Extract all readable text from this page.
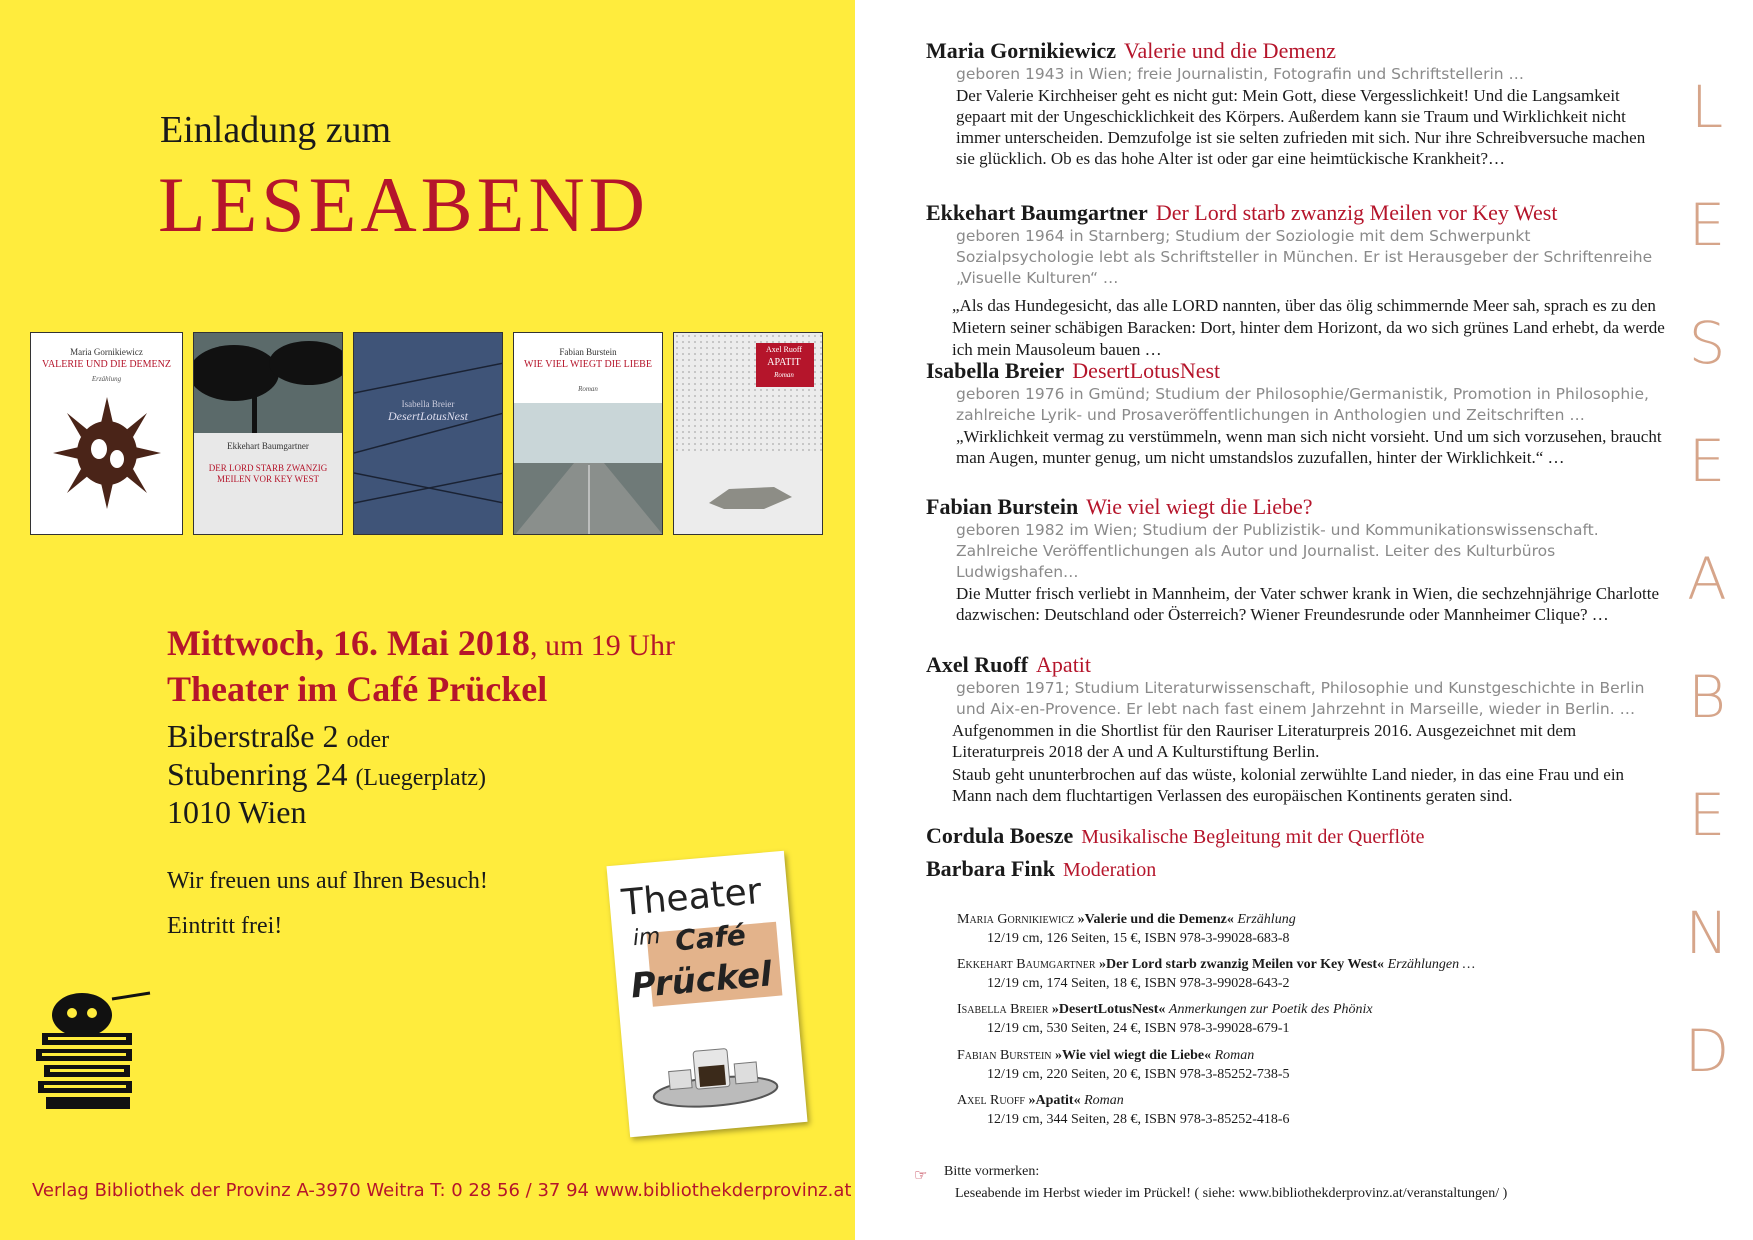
Einladung zum
LESEABEND
Maria Gornikiewicz
VALERIE UND DIE DEMENZ
Erzählung
Ekkehart Baumgartner
DER LORD STARB ZWANZIG MEILEN VOR KEY WEST
Isabella Breier
DesertLotusNest
Fabian Burstein
WIE VIEL WIEGT DIE LIEBE
Roman
Axel Ruoff
APATIT
Roman
Mittwoch, 16. Mai 2018, um 19 Uhr
Theater im Café Prückel
Biberstraße 2 oder
Stubenring 24 (Luegerplatz)
1010 Wien
Wir freuen uns auf Ihren Besuch!
Eintritt frei!
Theater
im Café
Prückel
Verlag Bibliothek der Provinz A-3970 Weitra T: 0 28 56 / 37 94 www.bibliothekderprovinz.at
Maria Gornikiewicz Valerie und die Demenz
geboren 1943 in Wien; freie Journalistin, Fotografin und Schriftstellerin …
Der Valerie Kirchheiser geht es nicht gut: Mein Gott, diese Vergesslichkeit! Und die Langsamkeit gepaart mit der Ungeschicklichkeit des Körpers. Außerdem kann sie Traum und Wirklichkeit nicht immer unterscheiden. Demzufolge ist sie selten zufrieden mit sich. Nur ihre Schreibversuche machen sie glücklich. Ob es das hohe Alter ist oder gar eine heimtückische Krankheit?…
Ekkehart Baumgartner Der Lord starb zwanzig Meilen vor Key West
geboren 1964 in Starnberg; Studium der Soziologie mit dem Schwerpunkt Sozialpsychologie lebt als Schriftsteller in München. Er ist Herausgeber der Schriftenreihe „Visuelle Kulturen“ …
„Als das Hundegesicht, das alle LORD nannten, über das ölig schimmernde Meer sah, sprach es zu den Mietern seiner schäbigen Baracken: Dort, hinter dem Horizont, da wo sich grünes Land erhebt, da werde ich mein Mausoleum bauen …
Isabella Breier DesertLotusNest
geboren 1976 in Gmünd; Studium der Philosophie/Germanistik, Promotion in Philosophie, zahlreiche Lyrik- und Prosaveröffentlichungen in Anthologien und Zeitschriften …
„Wirklichkeit vermag zu verstümmeln, wenn man sich nicht vorsieht. Und um sich vorzusehen, braucht man Augen, munter genug, um nicht umstandslos zuzufallen, hinter der Wirklichkeit.“ …
Fabian Burstein Wie viel wiegt die Liebe?
geboren 1982 im Wien; Studium der Publizistik- und Kommunikationswissenschaft. Zahlreiche Veröffentlichungen als Autor und Journalist. Leiter des Kulturbüros Ludwigshafen…
Die Mutter frisch verliebt in Mannheim, der Vater schwer krank in Wien, die sechzehnjährige Charlotte dazwischen: Deutschland oder Österreich? Wiener Freundesrunde oder Mannheimer Clique? …
Axel Ruoff Apatit
geboren 1971; Studium Literaturwissenschaft, Philosophie und Kunstgeschichte in Berlin und Aix-en-Provence. Er lebt nach fast einem Jahrzehnt in Marseille, wieder in Berlin. …
Aufgenommen in die Shortlist für den Rauriser Literaturpreis 2016. Ausgezeichnet mit dem Literaturpreis 2018 der A und A Kulturstiftung Berlin.
Staub geht ununterbrochen auf das wüste, kolonial zerwühlte Land nieder, in das eine Frau und ein Mann nach dem fluchtartigen Verlassen des europäischen Kontinents geraten sind.
Cordula Boesze Musikalische Begleitung mit der Querflöte
Barbara Fink Moderation
Maria Gornikiewicz »Valerie und die Demenz« Erzählung
12/19 cm, 126 Seiten, 15 €, ISBN 978-3-99028-683-8
Ekkehart Baumgartner »Der Lord starb zwanzig Meilen vor Key West« Erzählungen …
12/19 cm, 174 Seiten, 18 €, ISBN 978-3-99028-643-2
Isabella Breier »DesertLotusNest« Anmerkungen zur Poetik des Phönix
12/19 cm, 530 Seiten, 24 €, ISBN 978-3-99028-679-1
Fabian Burstein »Wie viel wiegt die Liebe« Roman
12/19 cm, 220 Seiten, 20 €, ISBN 978-3-85252-738-5
Axel Ruoff »Apatit« Roman
12/19 cm, 344 Seiten, 28 €, ISBN 978-3-85252-418-6
☞ Bitte vormerken:
Leseabende im Herbst wieder im Prückel! ( siehe: www.bibliothekderprovinz.at/veranstaltungen/ )
L
E
S
E
A
B
E
N
D
